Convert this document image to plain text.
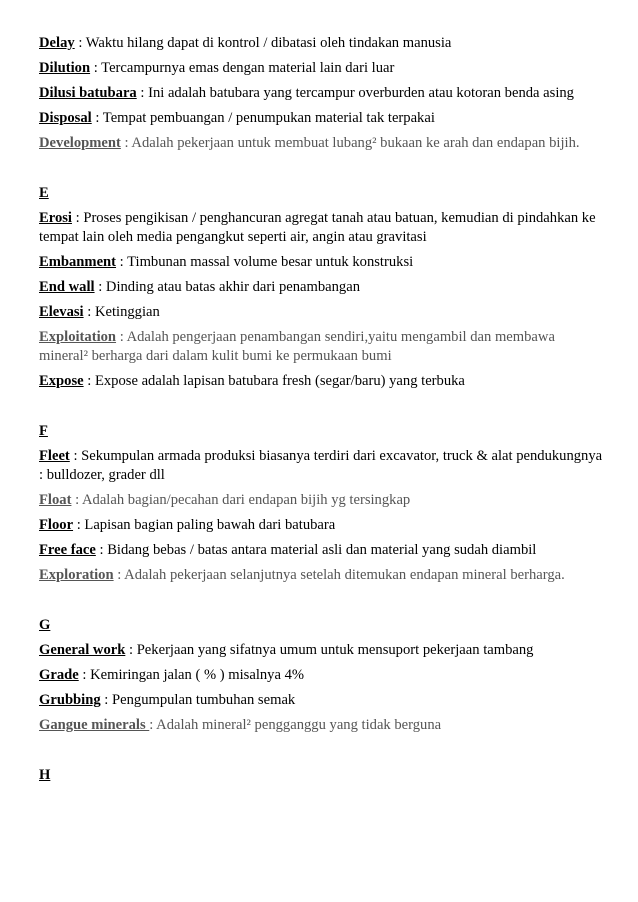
Delay : Waktu hilang dapat di kontrol / dibatasi oleh tindakan manusia
Dilution : Tercampurnya emas dengan material lain dari luar
Dilusi batubara : Ini adalah batubara yang tercampur overburden atau kotoran benda asing
Disposal : Tempat pembuangan / penumpukan material tak terpakai
Development : Adalah pekerjaan untuk membuat lubang² bukaan ke arah dan endapan bijih.
E
Erosi : Proses pengikisan / penghancuran agregat tanah atau batuan, kemudian di pindahkan ke tempat lain oleh media pengangkut seperti air, angin atau gravitasi
Embanment : Timbunan massal volume besar untuk konstruksi
End wall : Dinding atau batas akhir dari penambangan
Elevasi : Ketinggian
Exploitation : Adalah pengerjaan penambangan sendiri,yaitu mengambil dan membawa mineral² berharga dari dalam kulit bumi ke permukaan bumi
Expose : Expose adalah lapisan batubara fresh (segar/baru) yang terbuka
F
Fleet : Sekumpulan armada produksi biasanya terdiri dari excavator, truck & alat pendukungnya : bulldozer, grader dll
Float : Adalah bagian/pecahan dari endapan bijih yg tersingkap
Floor : Lapisan bagian paling bawah dari batubara
Free face : Bidang bebas / batas antara material asli dan material yang sudah diambil
Exploration : Adalah pekerjaan selanjutnya setelah ditemukan endapan mineral berharga.
G
General work : Pekerjaan yang sifatnya umum untuk mensuport pekerjaan tambang
Grade : Kemiringan jalan ( % ) misalnya 4%
Grubbing : Pengumpulan tumbuhan semak
Gangue minerals : Adalah mineral² pengganggu yang tidak berguna
H
